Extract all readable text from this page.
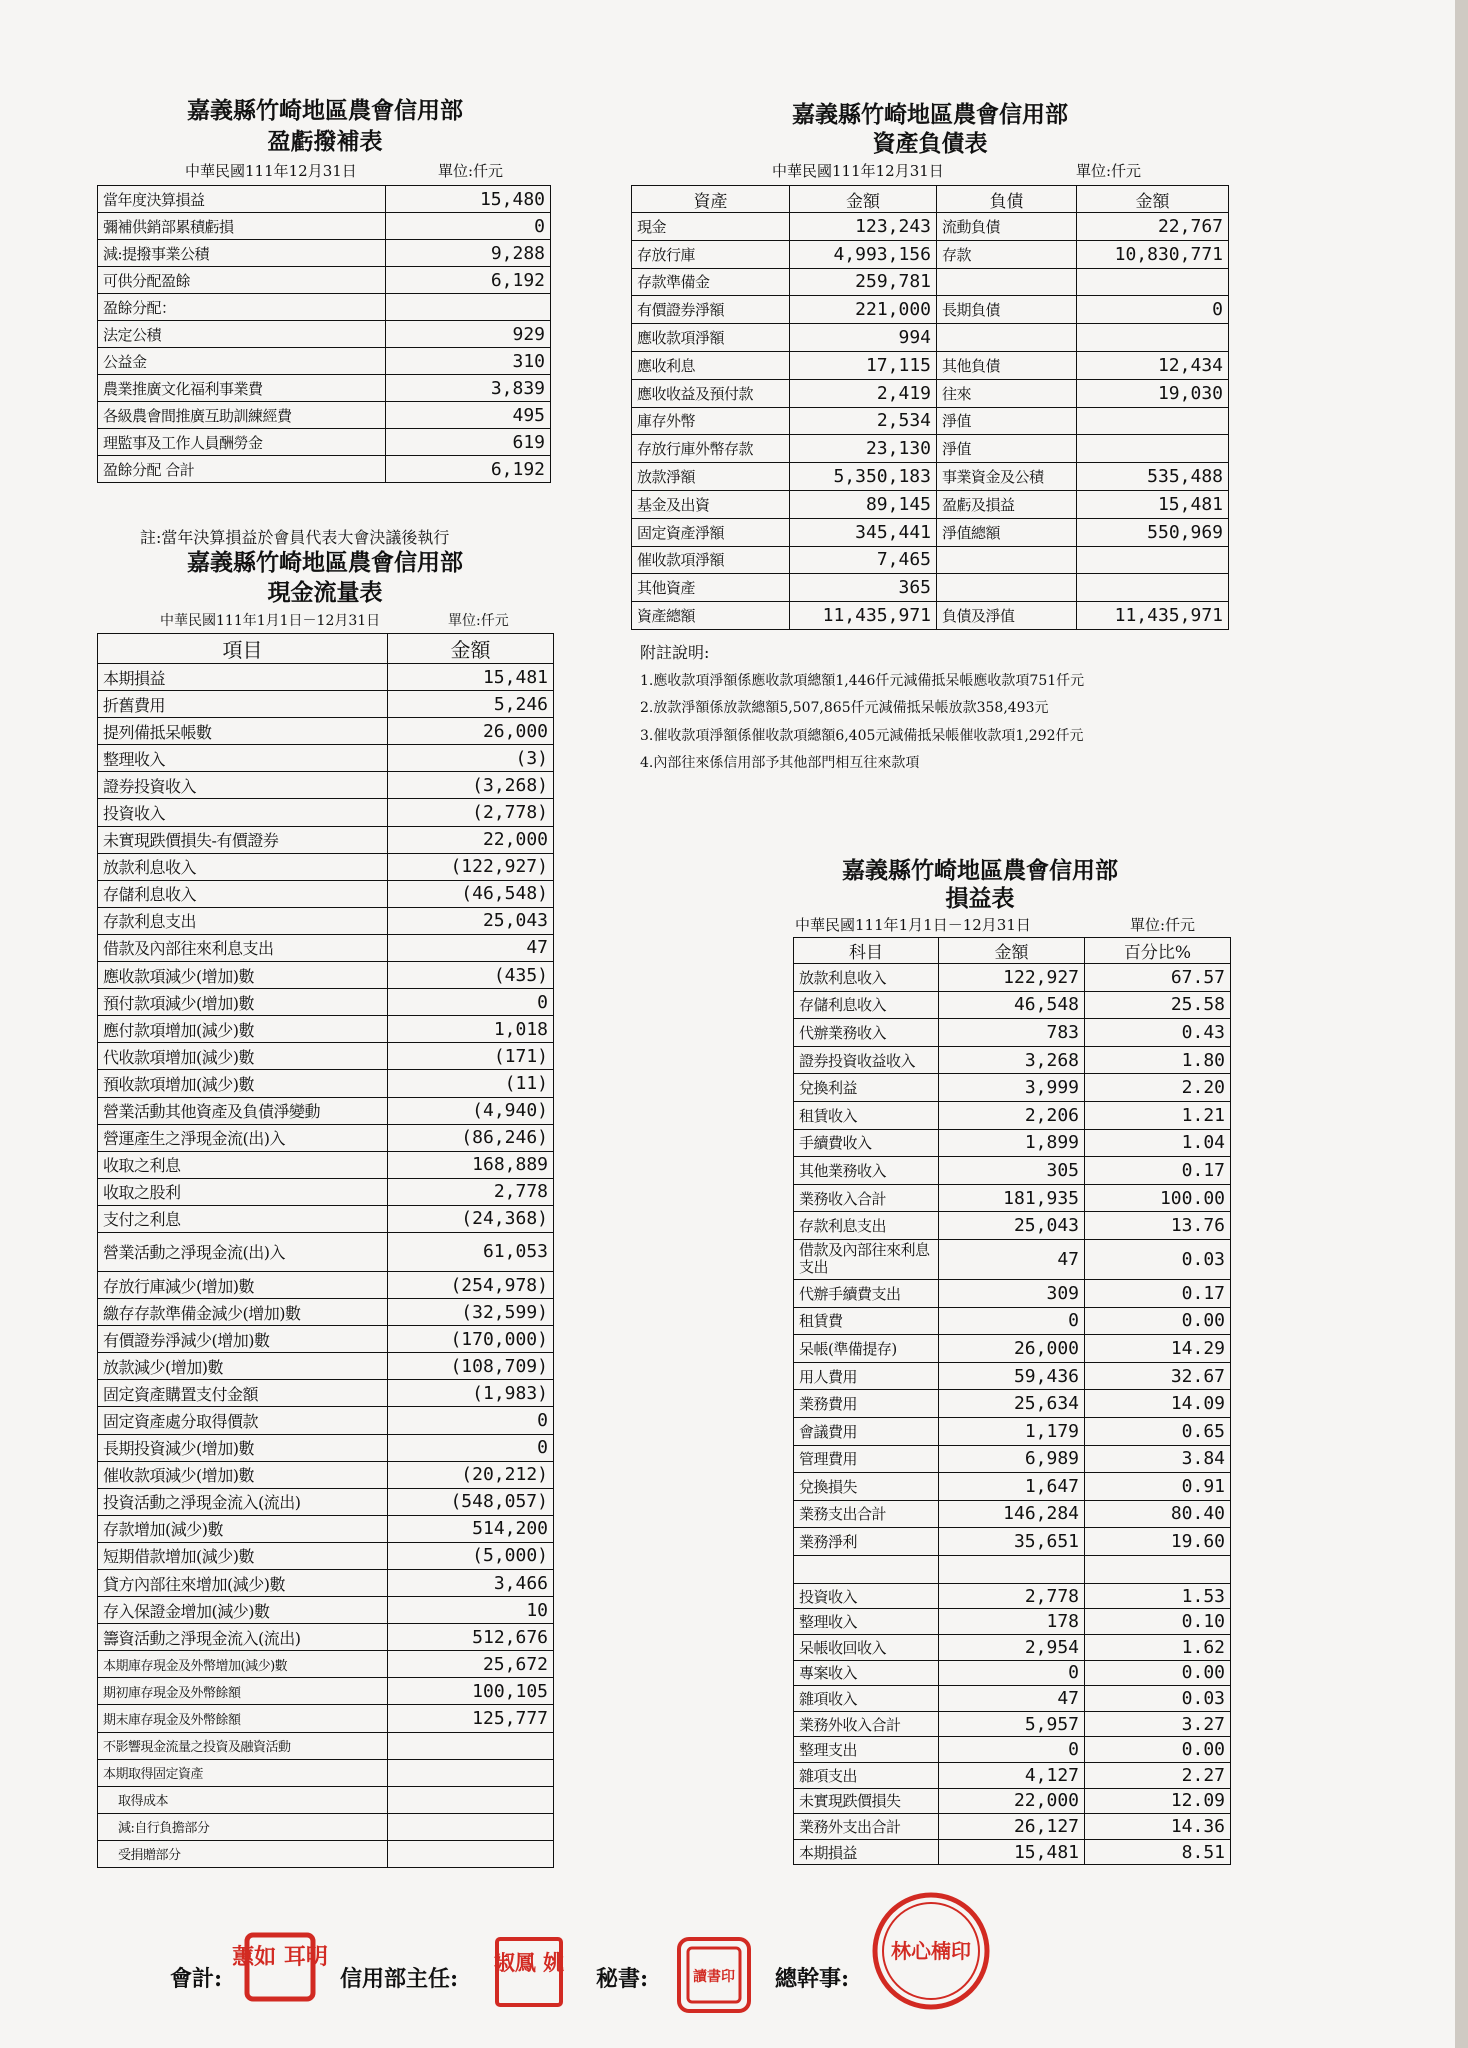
嘉義縣竹崎地區農會信用部
盈虧撥補表
中華民國111年12月31日	單位:仟元
當年度決算損益	15,480
彌補供銷部累積虧損	0
減:提撥事業公積	9,288
可供分配盈餘	6,192
盈餘分配：	
法定公積	929
公益金	310
農業推廣文化福利事業費	3,839
各級農會間推廣互助訓練經費	495
理監事及工作人員酬勞金	619
盈餘分配 合計	6,192
註:當年決算損益於會員代表大會決議後執行
嘉義縣竹崎地區農會信用部
現金流量表
中華民國111年1月1日－12月31日	單位:仟元
項目	金額
本期損益	15,481
折舊費用	5,246
提列備抵呆帳數	26,000
整理收入	(3)
證券投資收入	(3,268)
投資收入	(2,778)
未實現跌價損失-有價證券	22,000
放款利息收入	(122,927)
存儲利息收入	(46,548)
存款利息支出	25,043
借款及內部往來利息支出	47
應收款項減少(增加)數	(435)
預付款項減少(增加)數	0
應付款項增加(減少)數	1,018
代收款項增加(減少)數	(171)
預收款項增加(減少)數	(11)
營業活動其他資產及負債淨變動	(4,940)
營運產生之淨現金流(出)入	(86,246)
收取之利息	168,889
收取之股利	2,778
支付之利息	(24,368)
營業活動之淨現金流(出)入	61,053
存放行庫減少(增加)數	(254,978)
繳存存款準備金減少(增加)數	(32,599)
有價證券淨減少(增加)數	(170,000)
放款減少(增加)數	(108,709)
固定資產購置支付金額	(1,983)
固定資產處分取得價款	0
長期投資減少(增加)數	0
催收款項減少(增加)數	(20,212)
投資活動之淨現金流入(流出)	(548,057)
存款增加(減少)數	514,200
短期借款增加(減少)數	(5,000)
貸方內部往來增加(減少)數	3,466
存入保證金增加(減少)數	10
籌資活動之淨現金流入(流出)	512,676
本期庫存現金及外幣增加(減少)數	25,672
期初庫存現金及外幣餘額	100,105
期末庫存現金及外幣餘額	125,777
不影響現金流量之投資及融資活動	
本期取得固定資產	
取得成本	
減:自行負擔部分	
受捐贈部分	
嘉義縣竹崎地區農會信用部
資產負債表
中華民國111年12月31日	單位:仟元
資產	金額	負債	金額
現金	123,243	流動負債	22,767
存放行庫	4,993,156	存款	10,830,771
存款準備金	259,781		
有價證券淨額	221,000	長期負債	0
應收款項淨額	994		
應收利息	17,115	其他負債	12,434
應收收益及預付款	2,419	往來	19,030
庫存外幣	2,534	淨值	
存放行庫外幣存款	23,130	淨值	
放款淨額	5,350,183	事業資金及公積	535,488
基金及出資	89,145	盈虧及損益	15,481
固定資產淨額	345,441	淨值總額	550,969
催收款項淨額	7,465		
其他資產	365		
資產總額	11,435,971	負債及淨值	11,435,971
附註說明:
1.應收款項淨額係應收款項總額1,446仟元減備抵呆帳應收款項751仟元
2.放款淨額係放款總額5,507,865仟元減備抵呆帳放款358,493元
3.催收款項淨額係催收款項總額6,405元減備抵呆帳催收款項1,292仟元
4.內部往來係信用部予其他部門相互往來款項
嘉義縣竹崎地區農會信用部
損益表
中華民國111年1月1日－12月31日	單位:仟元
科目	金額	百分比%
放款利息收入	122,927	67.57
存儲利息收入	46,548	25.58
代辦業務收入	783	0.43
證券投資收益收入	3,268	1.80
兌換利益	3,999	2.20
租賃收入	2,206	1.21
手續費收入	1,899	1.04
其他業務收入	305	0.17
業務收入合計	181,935	100.00
存款利息支出	25,043	13.76
借款及內部往來利息支出	47	0.03
代辦手續費支出	309	0.17
租賃費	0	0.00
呆帳(準備提存)	26,000	14.29
用人費用	59,436	32.67
業務費用	25,634	14.09
會議費用	1,179	0.65
管理費用	6,989	3.84
兌換損失	1,647	0.91
業務支出合計	146,284	80.40
業務淨利	35,651	19.60

投資收入	2,778	1.53
整理收入	178	0.10
呆帳收回收入	2,954	1.62
專案收入	0	0.00
雜項收入	47	0.03
業務外收入合計	5,957	3.27
整理支出	0	0.00
雜項支出	4,127	2.27
未實現跌價損失	22,000	12.09
業務外支出合計	26,127	14.36
本期損益	15,481	8.51
會計:
蕙如 耳明
信用部主任:
淑鳳 姚
秘書:	讀書印 總幹事:
林心楠印
